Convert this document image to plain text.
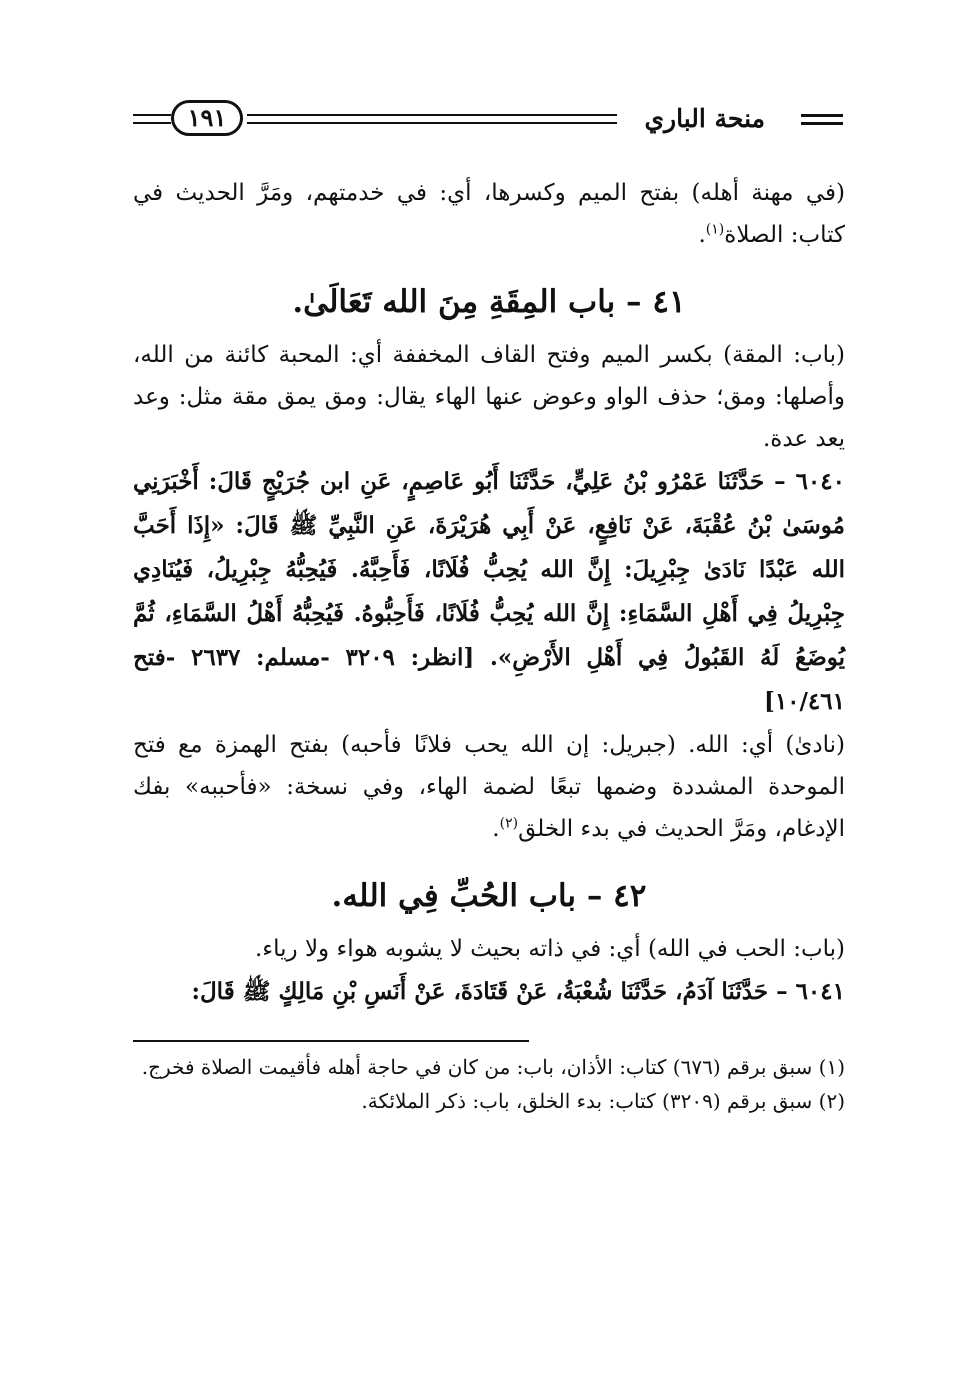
منحة الباري
١٩١

(في مهنة أهله) بفتح الميم وكسرها، أي: في خدمتهم، ومَرَّ الحديث في كتاب: الصلاة$^{(١)}$.

٤١ – باب المِقَةِ مِنَ الله تَعَالَىٰ.

(باب: المقة) بكسر الميم وفتح القاف المخففة أي: المحبة كائنة من الله، وأصلها: ومق؛ حذف الواو وعوض عنها الهاء يقال: ومق يمق مقة مثل: وعد يعد عدة.

٦٠٤٠ – حَدَّثَنَا عَمْرُو بْنُ عَلِيٍّ، حَدَّثَنَا أَبُو عَاصِمٍ، عَنِ ابن جُرَيْجٍ قَالَ: أَخْبَرَنِي مُوسَىٰ بْنُ عُقْبَةَ، عَنْ نَافِعٍ، عَنْ أَبِي هُرَيْرَةَ، عَنِ النَّبِيِّ ﷺ قَالَ: «إِذَا أَحَبَّ الله عَبْدًا نَادَىٰ جِبْرِيلَ: إِنَّ الله يُحِبُّ فُلَانًا، فَأَحِبَّهُ. فَيُحِبُّهُ جِبْرِيلُ، فَيُنَادِي جِبْرِيلُ فِي أَهْلِ السَّمَاءِ: إِنَّ الله يُحِبُّ فُلَانًا، فَأَحِبُّوهُ. فَيُحِبُّهُ أَهْلُ السَّمَاءِ، ثُمَّ يُوضَعُ لَهُ القَبُولُ فِي أَهْلِ الأَرْضِ». [انظر: ٣٢٠٩ -مسلم: ٢٦٣٧ -فتح ١٠/٤٦١]

(نادىٰ) أي: الله. (جبريل: إن الله يحب فلانًا فأحبه) بفتح الهمزة مع فتح الموحدة المشددة وضمها تبعًا لضمة الهاء، وفي نسخة: «فأحببه» بفك الإدغام، ومَرَّ الحديث في بدء الخلق$^{(٢)}$.

٤٢ – باب الحُبِّ فِي الله.

(باب: الحب في الله) أي: في ذاته بحيث لا يشوبه هواء ولا رياء.

٦٠٤١ – حَدَّثَنَا آدَمُ، حَدَّثَنَا شُعْبَةُ، عَنْ قَتَادَةَ، عَنْ أَنَسِ بْنِ مَالِكٍ ﷺ قَالَ:

(١) سبق برقم (٦٧٦) كتاب: الأذان، باب: من كان في حاجة أهله فأقيمت الصلاة فخرج.

(٢) سبق برقم (٣٢٠٩) كتاب: بدء الخلق، باب: ذكر الملائكة.
